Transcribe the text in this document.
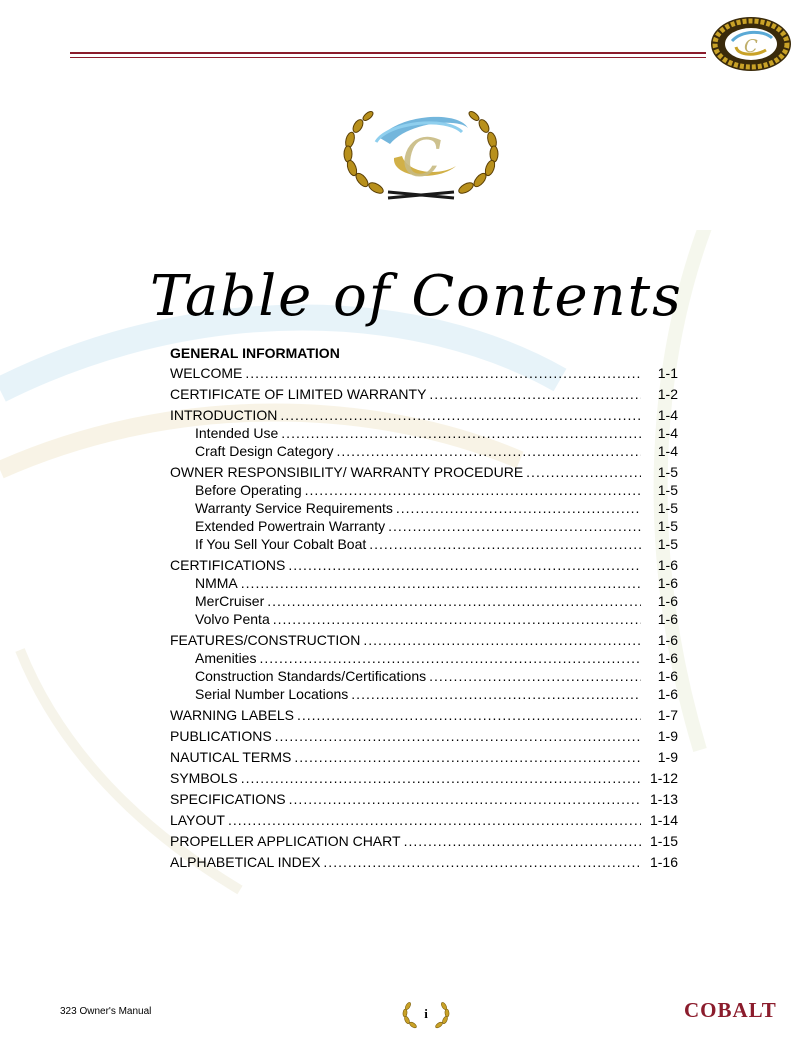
C
C
Table of Contents
GENERAL INFORMATION
WELCOME .....	1-1
CERTIFICATE OF LIMITED WARRANTY .....	1-2
INTRODUCTION .....	1-4
Intended Use .....	1-4
Craft Design Category .....	1-4
OWNER RESPONSIBILITY/ WARRANTY PROCEDURE .....	1-5
Before Operating .....	1-5
Warranty Service Requirements .....	1-5
Extended Powertrain Warranty .....	1-5
If You Sell Your Cobalt Boat .....	1-5
CERTIFICATIONS .....	1-6
NMMA .....	1-6
MerCruiser .....	1-6
Volvo Penta .....	1-6
FEATURES/CONSTRUCTION .....	1-6
Amenities .....	1-6
Construction Standards/Certifications .....	1-6
Serial Number Locations .....	1-6
WARNING LABELS .....	1-7
PUBLICATIONS .....	1-9
NAUTICAL TERMS .....	1-9
SYMBOLS .....	1-12
SPECIFICATIONS .....	1-13
LAYOUT .....	1-14
PROPELLER APPLICATION CHART .....	1-15
ALPHABETICAL INDEX .....	1-16
323 Owner's Manual	i	COBALT
